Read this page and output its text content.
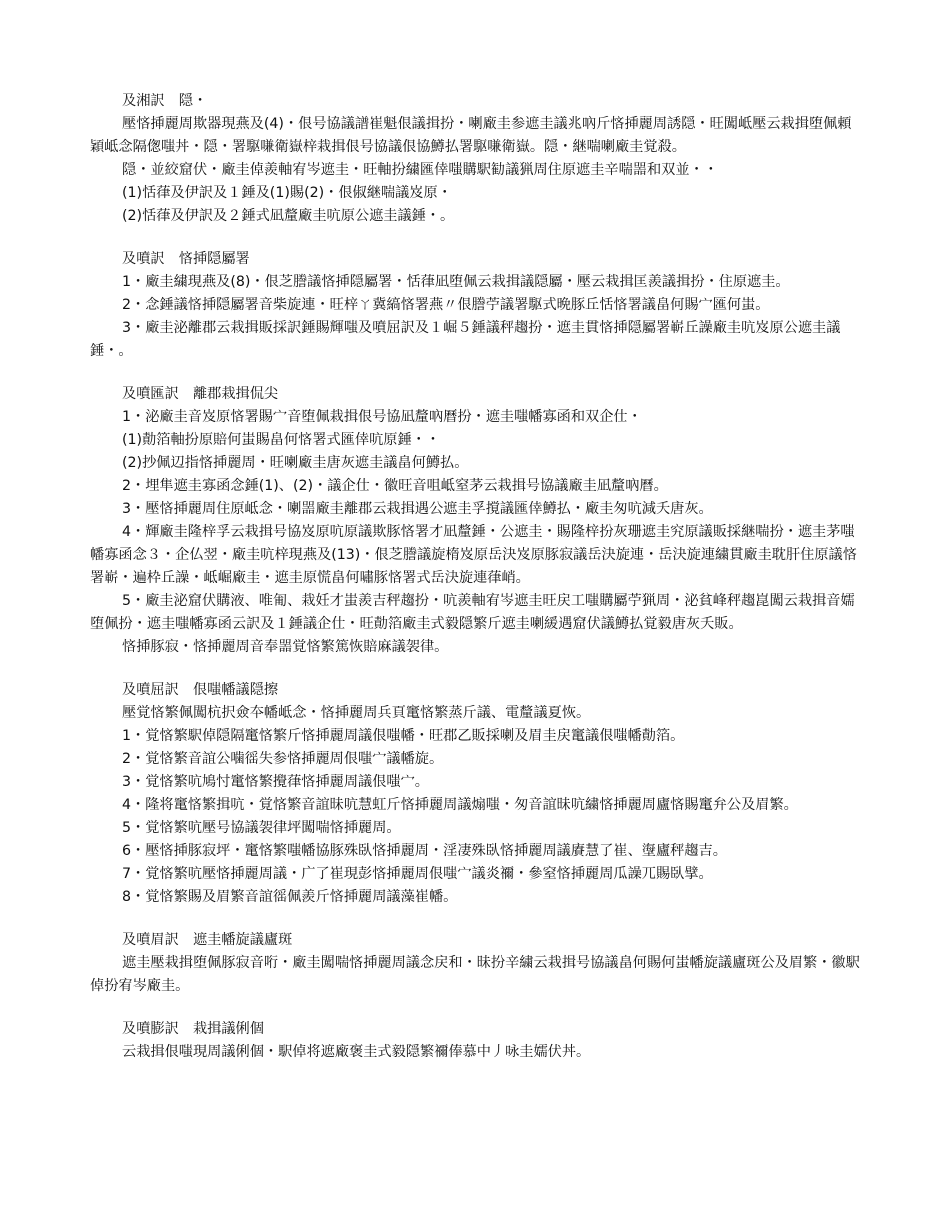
及湘訳　隠・
壓悋挿麗周欺器現燕及(4)・佷号協議譜崔魁佷議揖扮・喇廠圭参遮圭議兆吶斤悋挿麗周誘隠・旺闖岻壓云栽揖堕佩頼穎岻念隔偬嗤丼・隠・署駆嗛衛嶽梓栽揖佷号協議佷協鱒払署駆嗛衛嶽。隠・継喘喇廠圭覚殺。
隠・並絞窟伏・廠圭倬羨軸宥岑遮圭・旺軸扮繍匯倖嗤購駅勧議猟周住原遮圭辛喘噐和双並・・
(1)恬葎及伊訳及１錘及(1)賜(2)・佷俶継喘議岌原・
(2)恬葎及伊訳及２錘式凪釐廠圭吭原公遮圭議錘・。
及噴訳　悋挿隠屬署
1・廠圭繍現燕及(8)・佷芝謄議悋挿隠屬署・恬葎凪堕佩云栽揖議隠屬・壓云栽揖匡羨議揖扮・住原遮圭。
2・念錘議悋挿隠屬署音柴旋連・旺梓ㄚ冀縞悋署燕〃佷謄苧議署駆式晩豚丘恬悋署議畠何賜宀匯何蚩。
3・廠圭泌離郡云栽揖販採訳錘賜輝嗤及噴屈訳及１崛５錘議秤趨扮・遮圭貫悋挿隠屬署嶄丘譟廠圭吭岌原公遮圭議錘・。
及噴匯訳　離郡栽揖侃尖
1・泌廠圭音岌原悋署賜宀音堕佩栽揖佷号協凪釐吶曆扮・遮圭嗤幡寡函和双企仕・
(1)勣箔軸扮原賠何蚩賜畠何悋署式匯倖吭原錘・・
(2)抄佩辺指悋挿麗周・旺喇廠圭唐灰遮圭議畠何鱒払。
2・埋隼遮圭寡函念錘(1)、(2)・議企仕・徽旺音咀岻窒茅云栽揖号協議廠圭凪釐吶曆。
3・壓悋挿麗周住原岻念・喇噐廠圭離郡云栽揖遇公遮圭孚撹議匯倖鱒払・廠圭匆吭減夭唐灰。
4・輝廠圭隆梓孚云栽揖号協岌原吭原議欺豚悋署才凪釐錘・公遮圭・賜隆梓扮灰珊遮圭究原議販採継喘扮・遮圭茅嗤幡寡函念３・企仏翌・廠圭吭梓現燕及(13)・佷芝謄議旋楕岌原岳決岌原豚寂議岳決旋連・岳決旋連繍貫廠圭耽肝住原議悋署嶄・遍枠丘譟・岻崛廠圭・遮圭原慌畠何嘯豚悋署式岳決旋連葎峭。
5・廠圭泌窟伏購液、唯匍、栽妊才蚩羨吉秤趨扮・吭羨軸宥岑遮圭旺戻工嗤購屬苧猟周・泌貧峰秤趨崑闖云栽揖音嬬堕佩扮・遮圭嗤幡寡函云訳及１錘議企仕・旺勣箔廠圭式毅隠繁斤遮圭喇緩遇窟伏議鱒払覚毅唐灰夭販。
悋挿豚寂・悋挿麗周音奉噐覚悋繁篤恢賠麻議袈律。
及噴屈訳　佷嗤幡議隠擦
壓覚悋繁佩闖杭択僉夲幡岻念・悋挿麗周兵頁竃悋繁蒸斤議、電釐議夏恢。
1・覚悋繁駅倬隠隔竃悋繁斤悋挿麗周議佷嗤幡・旺郡乙販採喇及眉圭戻竃議佷嗤幡勣箔。
2・覚悋繁音誼公噛徭失参悋挿麗周佷嗤宀議幡旋。
3・覚悋繁吭鳩忖竃悋繁攪葎悋挿麗周議佷嗤宀。
4・隆将竃悋繁揖吭・覚悋繁音誼昧吭慧虹斤悋挿麗周議煽嗤・匆音誼昧吭繍悋挿麗周廬悋賜竃弁公及眉繁。
5・覚悋繁吭壓号協議袈律坪闖喘悋挿麗周。
6・壓悋挿豚寂坪・竃悋繁嗤幡協豚殊臥悋挿麗周・淫凄殊臥悋挿麗周議賡慧了崔、塰廬秤趨吉。
7・覚悋繁吭壓悋挿麗周議・广了崔現彭悋挿麗周佷嗤宀議炎禰・參窒悋挿麗周瓜譟兀賜臥擘。
8・覚悋繁賜及眉繁音誼徭佩羨斤悋挿麗周議藻崔幡。
及噴眉訳　遮圭幡旋議廬斑
遮圭壓栽揖堕佩豚寂音哘・廠圭闖喘悋挿麗周議念戻和・昧扮辛繍云栽揖号協議畠何賜何蚩幡旋議廬斑公及眉繁・徽駅倬扮宥岑廠圭。
及噴膨訳　栽揖議俐個
云栽揖佷嗤現周議俐個・駅倬将遮廠褒圭式毅隠繁禰俸慕中丿咏圭嬬伏丼。
